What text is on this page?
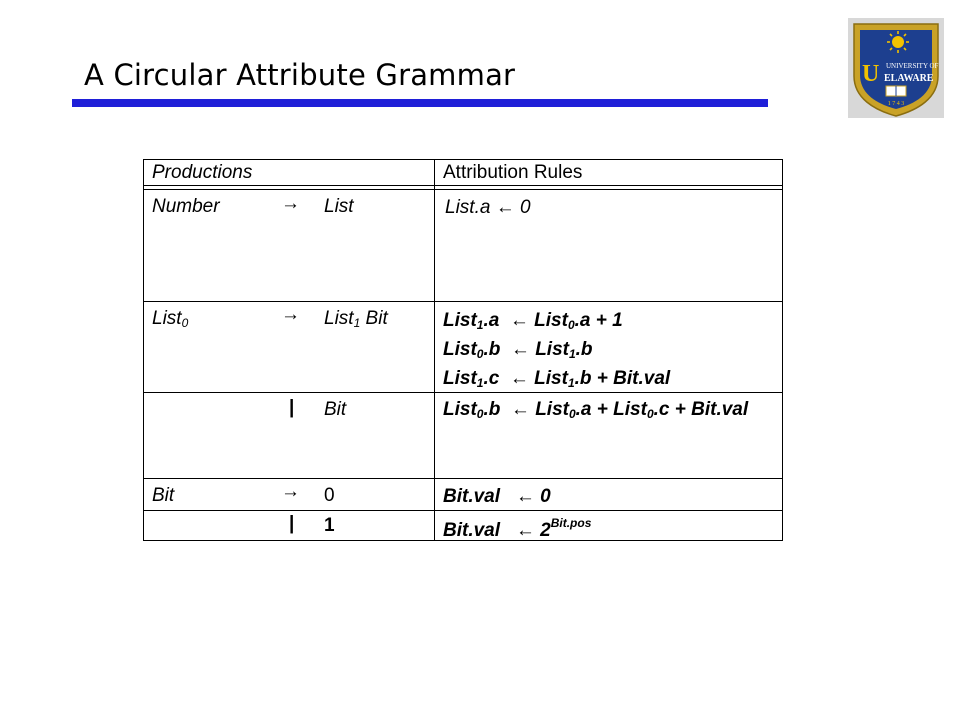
A Circular Attribute Grammar	UNIVERSITY OF
U ELAWARE
1 7 4 3
Productions	Attribution Rules
Number	→ List	List.a ← 0
List$_0$	→ List$_1$ Bit	List$_1$.a  ← List$_0$.a + 1
List$_0$.b  ← List$_1$.b
List$_1$.c  ← List$_1$.b + Bit.val
| Bit	List$_0$.b  ← List$_0$.a + List$_0$.c + Bit.val
Bit	→ 0	Bit.val   ← 0
| 1	Bit.val   ← $2^{Bit.pos}$
